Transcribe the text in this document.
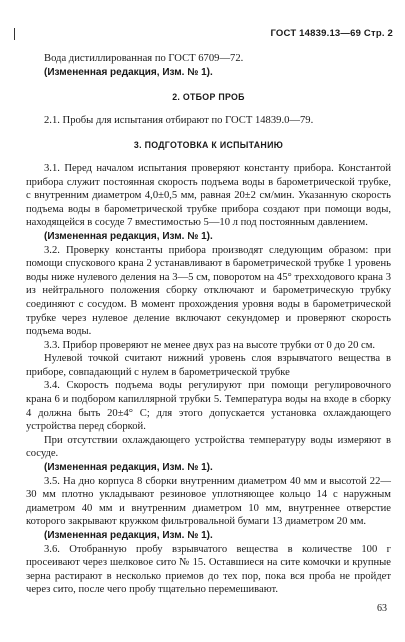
ГОСТ 14839.13—69 Стр. 2

Вода дистиллированная по ГОСТ 6709—72.

(Измененная редакция, Изм. № 1).

2. ОТБОР ПРОБ

2.1. Пробы для испытания отбирают по ГОСТ 14839.0—79.

3. ПОДГОТОВКА К ИСПЫТАНИЮ

3.1. Перед началом испытания проверяют константу прибора. Константой прибора служит постоянная скорость подъема воды в барометрической трубке, с внутренним диаметром 4,0±0,5 мм, равная 20±2 см/мин. Указанную скорость подъема воды в барометрической трубке прибора создают при помощи воды, находящейся в сосуде 7 вместимостью 5—10 л под постоянным давлением.

(Измененная редакция, Изм. № 1).

3.2. Проверку константы прибора производят следующим образом: при помощи спускового крана 2 устанавливают в барометрической трубке 1 уровень воды ниже нулевого деления на 3—5 см, поворотом на 45° трехходового крана 3 из нейтрального положения сборку отключают и барометрическую трубку соединяют с сосудом. В момент прохождения уровня воды в барометрической трубке через нулевое деление включают секундомер и проверяют скорость подъема воды.

3.3. Прибор проверяют не менее двух раз на высоте трубки от 0 до 20 см.

Нулевой точкой считают нижний уровень слоя взрывчатого вещества в приборе, совпадающий с нулем в барометрической трубке

3.4. Скорость подъема воды регулируют при помощи регулировочного крана 6 и подбором капиллярной трубки 5. Температура воды на входе в сборку 4 должна быть 20±4° С; для этого допускается установка охлаждающего устройства перед сборкой.

При отсутствии охлаждающего устройства температуру воды измеряют в сосуде.

(Измененная редакция, Изм. № 1).

3.5. На дно корпуса 8 сборки внутренним диаметром 40 мм и высотой 22—30 мм плотно укладывают резиновое уплотняющее кольцо 14 с наружным диаметром 40 мм и внутренним диаметром 10 мм, внутреннее отверстие которого закрывают кружком фильтровальной бумаги 13 диаметром 20 мм.

(Измененная редакция, Изм. № 1).

3.6. Отобранную пробу взрывчатого вещества в количестве 100 г просеивают через шелковое сито № 15. Оставшиеся на сите комочки и крупные зерна растирают в несколько приемов до тех пор, пока вся проба не пройдет через сито, после чего пробу тщательно перемешивают.

63
